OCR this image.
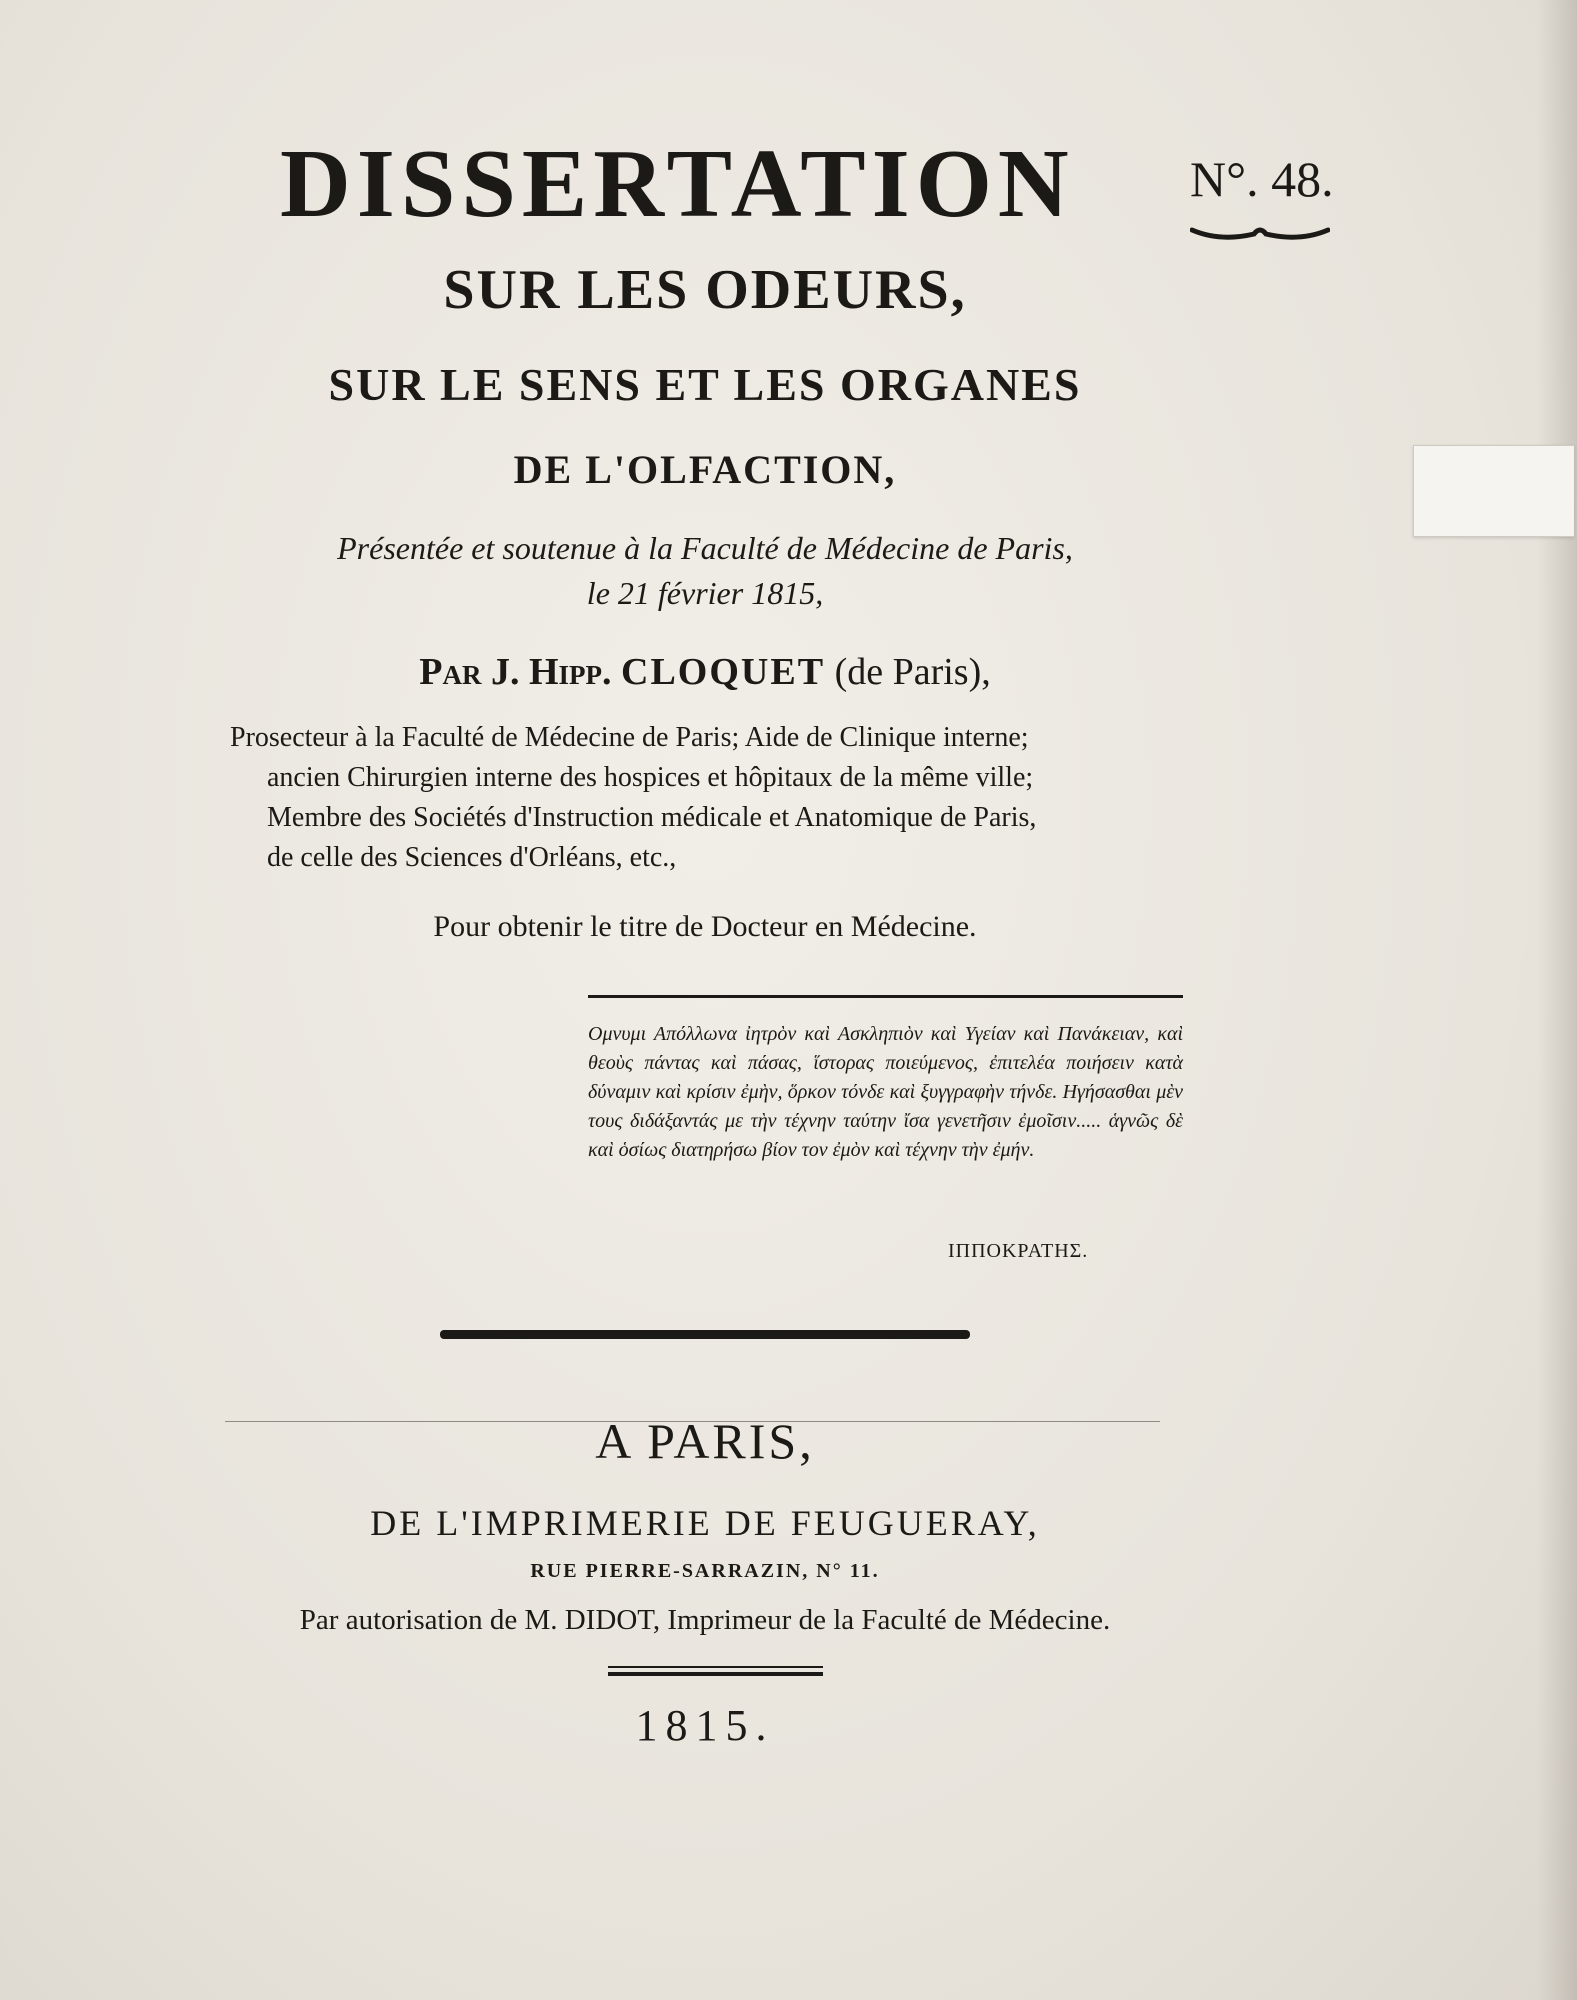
DISSERTATION N°. 48.
SUR LES ODEURS,
SUR LE SENS ET LES ORGANES
DE L'OLFACTION,
Présentée et soutenue à la Faculté de Médecine de Paris,
le 21 février 1815,
Par J. Hipp. CLOQUET (de Paris),
Prosecteur à la Faculté de Médecine de Paris; Aide de Clinique interne;
ancien Chirurgien interne des hospices et hôpitaux de la même ville;
Membre des Sociétés d'Instruction médicale et Anatomique de Paris,
de celle des Sciences d'Orléans, etc.,
Pour obtenir le titre de Docteur en Médecine.
Ομνυμι Απόλλωνα ἰητρὸν καὶ Ασκληπιὸν καὶ Υγείαν καὶ Πανάκειαν, καὶ θεοὺς πάντας καὶ πάσας, ἵστορας ποιεύμενος, ἐπιτελέα ποιήσειν κατὰ δύναμιν καὶ κρίσιν ἐμὴν, ὅρκον τόνδε καὶ ξυγγραφὴν τήνδε. Ηγήσασθαι μὲν τους διδάξαντάς με τὴν τέχνην ταύτην ἴσα γενετῆσιν ἐμοῖσιν..... ἁγνῶς δὲ καὶ ὁσίως διατηρήσω βίον τον ἐμὸν καὶ τέχνην τὴν ἐμήν.
ΙΠΠΟΚΡΑΤΗΣ.
A PARIS,
DE L'IMPRIMERIE DE FEUGUERAY,
RUE PIERRE-SARRAZIN, N° 11.
Par autorisation de M. DIDOT, Imprimeur de la Faculté de Médecine.
1815.
